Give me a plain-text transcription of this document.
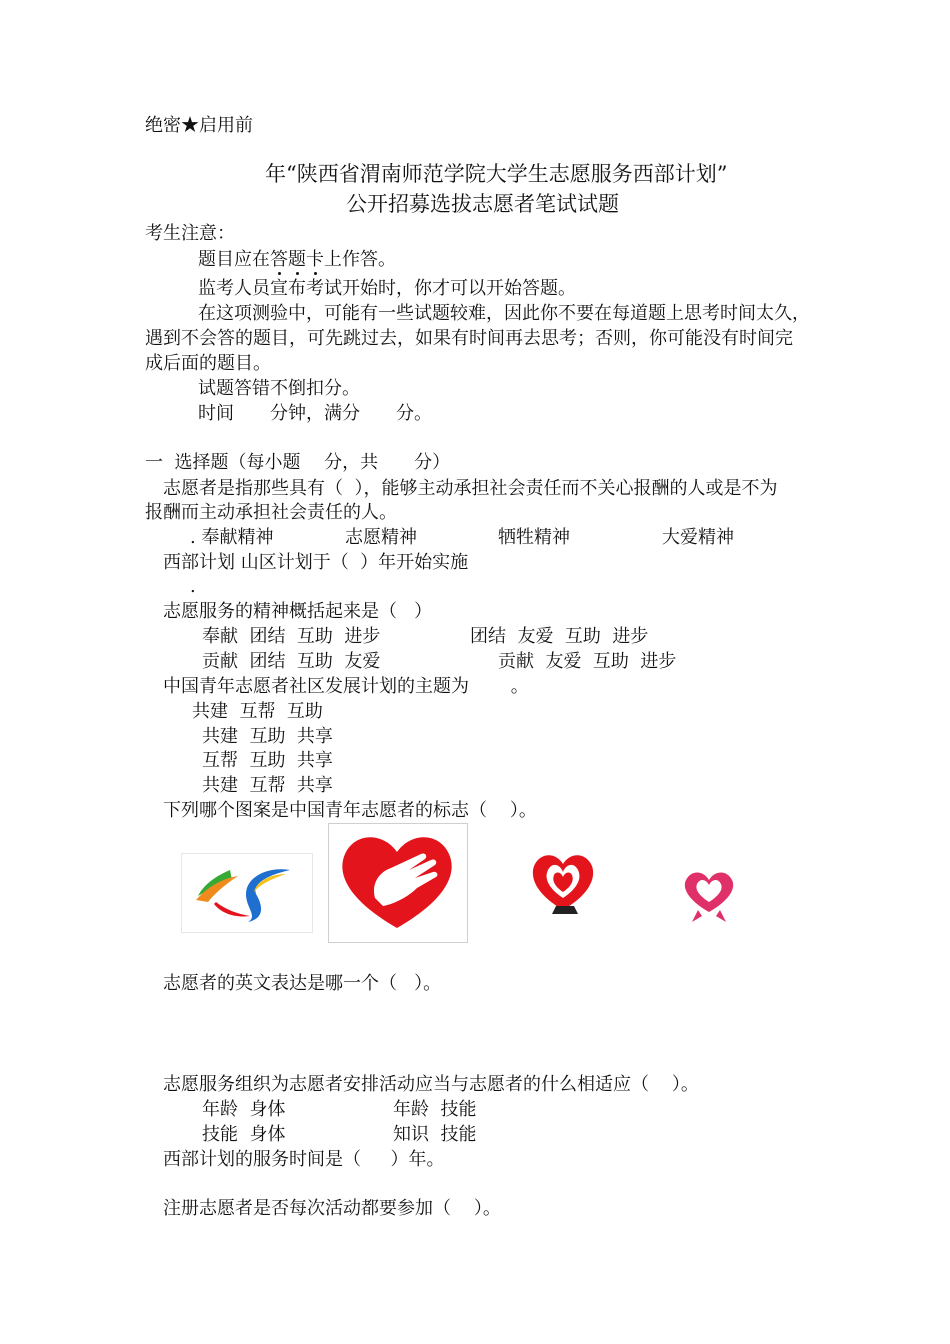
绝密★启用前
年“陕西省渭南师范学院大学生志愿服务西部计划”
公开招募选拔志愿者笔试试题
考生注意：
题目应在答题卡上作答。
监考人员宣布考试开始时，你才可以开始答题。
在这项测验中，可能有一些试题较难，因此你不要在每道题上思考时间太久，
遇到不会答的题目，可先跳过去，如果有时间再去思考；否则，你可能没有时间完
成后面的题目。
试题答错不倒扣分。
时间　　分钟，满分　　分。
一  选择题（每小题　 分，共　　分）
志愿者是指那些具有（  ），能够主动承担社会责任而不关心报酬的人或是不为
报酬而主动承担社会责任的人。
. 奉献精神	志愿精神	牺牲精神	大爱精神
西部计划 山区计划于（  ）年开始实施
.
志愿服务的精神概括起来是（   ）
奉献  团结  互助  进步	团结  友爱  互助  进步
贡献  团结  互助  友爱	贡献  友爱  互助  进步
中国青年志愿者社区发展计划的主题为　　 。
共建  互帮  互助
共建  互助  共享
互帮  互助  共享
共建  互帮  共享
下列哪个图案是中国青年志愿者的标志（    ）。
志愿者的英文表达是哪一个（   ）。
志愿服务组织为志愿者安排活动应当与志愿者的什么相适应（    ）。
年龄  身体	年龄  技能
技能  身体	知识  技能
西部计划的服务时间是（　  ）年。
注册志愿者是否每次活动都要参加（    ）。
